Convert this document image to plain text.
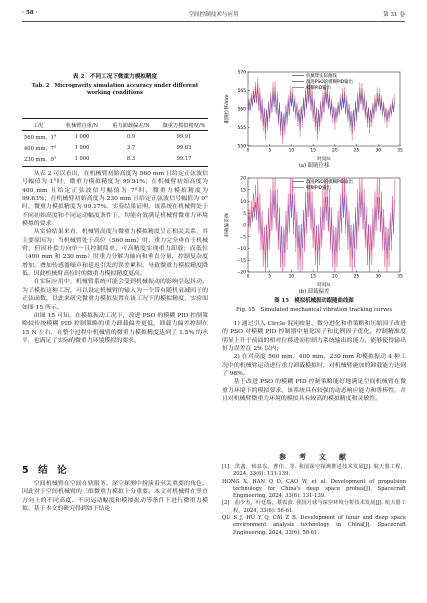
· 58 ·	空间控制技术与应用	第 31 卷
表 2　不同工况下微重力模拟精度
Tab. 2　Microgravity simulation accuracy under different working conditions
工况	机械臂自重/N	重力卸载偏差/N	微重力模拟精度/%
560 mm、1°	1 000	0.9	99.91
400 mm、7°	1 000	3.7	99.63
230 mm、9°	1 000	8.3	99.17

从表 2 可以看出，在机械臂初始高度为 560 mm 且给定正弦波信号幅值为 1°时，微重力模拟精度为 99.91%；在机械臂初始高度为 400 mm 且给定正弦波信号幅值为 7°时，微重力模拟精度为 99.63%；在机械臂初始高度为 230 mm 且给定正弦波信号幅值为 9°时，微重力模拟精度为 99.17%。实验结果证明，该系统在机械臂处于不同初始高度和不同运动幅度条件下，均能有效满足机械臂微重力环境模拟的要求。

从实验结果来看，机械臂高度与微重力模拟精度呈正相关关系，其主要原因为：当机械臂处于高位（560 mm）时，重力完全垂直于机械臂，但因补偿力向单一且控制简单，可高精度实现重力卸载；而低位（400 mm 和 230 mm）时重力分解为轴向和垂直分量，控制复杂度增加，叠加传感器噪声和延迟引发的误差累积，导致微重力模拟精度降低。因此机械臂高位时的微重力模拟精度更高。

在实际应用中，机械臂系统可能会受到机械振动的影响引起抖动。为了模拟这种工况，可以设定机械臂的输入为一个带有随机衰减因子的正弦函数，以此来研究微重力模拟装置在该工况下的模拟精度，实验图如图 15 所示。

由图 15 可知，在模拟振动工况下，改进 PSO 的模糊 PID 控制策略较传统模糊 PID 控制策略的重力卸载偏差更低，卸载力偏差控制在 15 N 左右，在整个过程中机械臂的微重力模拟精度达到了 1.5% 的水平，也满足了实际的微重力环境模拟的要求。

5　结　论

空间机械臂在空间在轨服务、深空探测中扮演着至关重要的角色，因此对于空间机械臂的三维微重力模拟十分重要。本文对机械臂在竖直方向上的不同高度、不同运动幅度和模拟振动等条件下进行微重力模拟。基于本文的研究得到如下结论：

570
565
560
555
550
0	5	10	15	20	25	30	35
时间/s
跟随位移/mm
机械臂实际曲线
改进PSO的模糊PID输出
模糊PID输出
(a) 跟随位移
20
15
10
5
0
−5
−10
−15
−20
0	5	10	15	20	25	30	35
时间/s
卸载偏差/N
改进PSO的模糊PID输出
模糊PID输出
(b) 卸载偏差
图 15　模拟机械振动跟随曲线图
Fig. 15　Simulated mechanical vibration tracking curves

1) 通过引入 Circle 混沌映射、微分进化和重策略和压缩因子改进的 PSO 对模糊 PID 控制器中量化因子和比例因子优化，控制精准度明显上升于前面的相对位移进而控制力系统输出的能力，能够使得输出恒力误差在 2% 以内；

2) 在对高度 560 mm、400 mm、230 mm 和模拟振动 4 种工况中的机械臂运动进行重力卸载模拟时，对机械臂施加的卸载能力达到了 98%。

基于改进 PSO 的模糊 PID 控制策略能好地满足空间机械臂在微重力环境下的模拟要求，该系统具有较强的动态响应能力和鲁棒性，并且对机械臂微重力环境的模拟具有较高的模拟精度和灵敏性。

参　考　文　献
[1]　洪鑫，韩泉东，曹伟，等. 我国深空探测推进技术发展[J]. 航天器工程，2024, 33(6): 131-139.
HONG X, HAN Q D, CAO W, et al. Development of propulsion technology for China's deep space probes[J]. Spacecraft Engineering, 2024, 33(6): 131-139.
[2]　曲少杰，叶廷瑞，蔡霞波. 我国月球与深空环境分析技术发展[J]. 航天器工程，2024, 33(6): 56-61.
QU S J, HU Y Q, CAI Z B. Development of lunar and deep space environment analysis technology in China[J]. Spacecraft Engineering, 2024, 33(6): 56-61.
